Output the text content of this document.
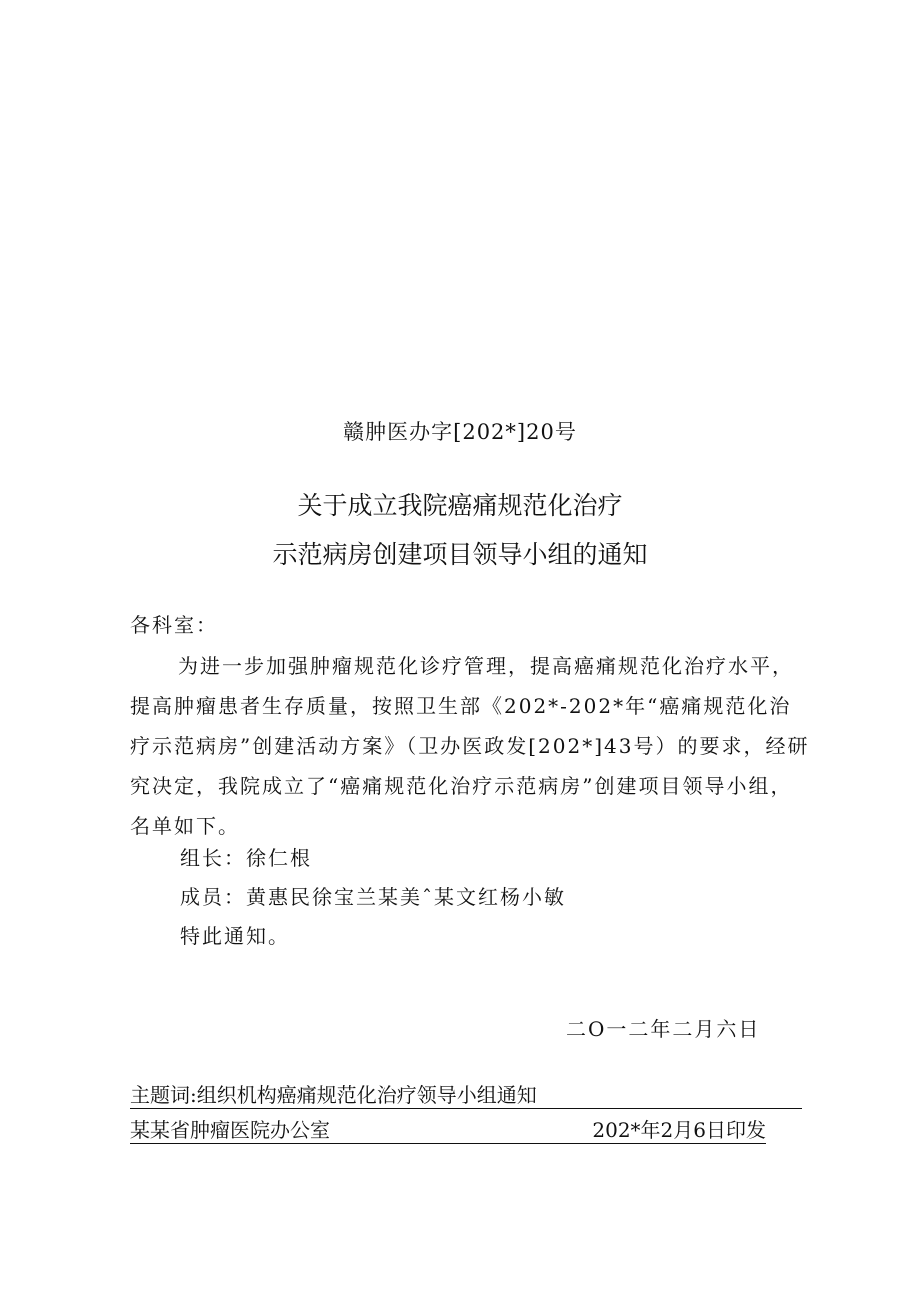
赣肿医办字[202*]20号
关于成立我院癌痛规范化治疗
示范病房创建项目领导小组的通知
各科室：
为进一步加强肿瘤规范化诊疗管理，提高癌痛规范化治疗水平，提高肿瘤患者生存质量，按照卫生部《202*-202*年“癌痛规范化治疗示范病房”创建活动方案》（卫办医政发[202*]43号）的要求，经研究决定，我院成立了“癌痛规范化治疗示范病房”创建项目领导小组，名单如下。
组长：徐仁根
成员：黄惠民徐宝兰某美ˆ某文红杨小敏
特此通知。
二O一二年二月六日
主题词:组织机构癌痛规范化治疗领导小组通知
某某省肿瘤医院办公室	202*年2月6日印发
